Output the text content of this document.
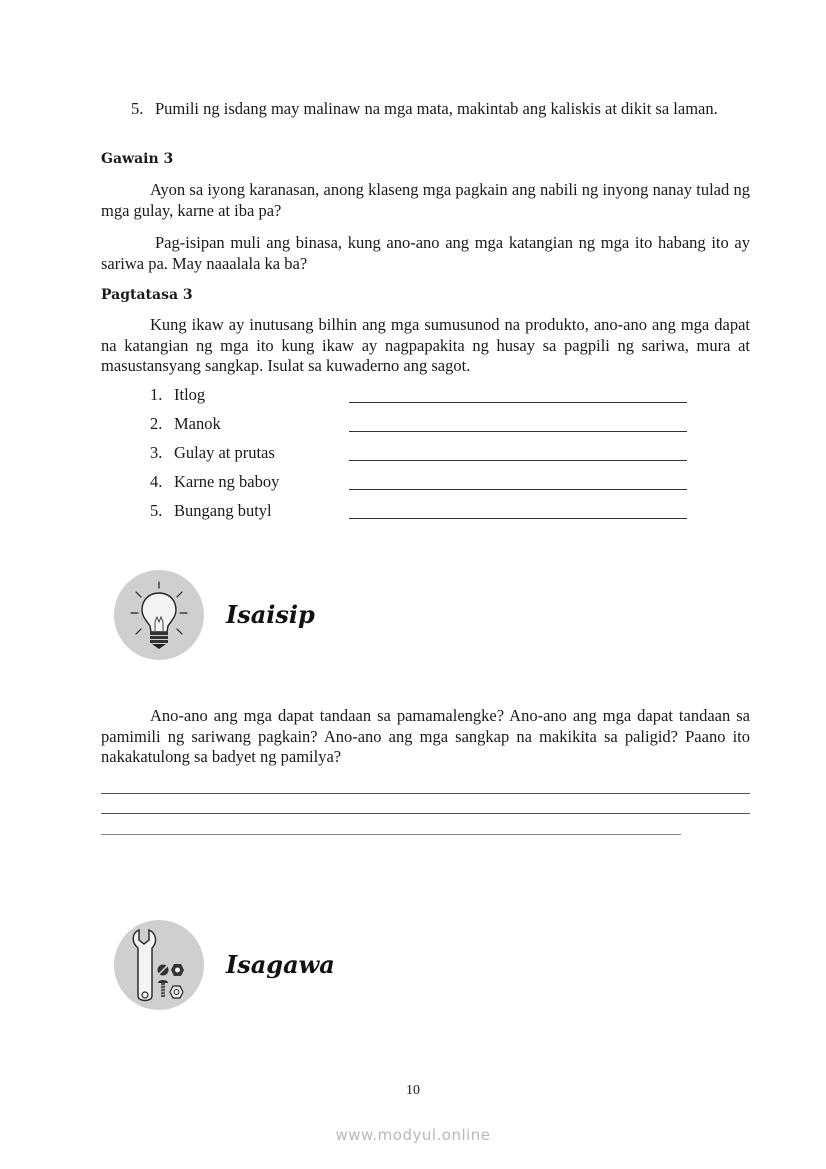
5. Pumili ng isdang may malinaw na mga mata, makintab ang kaliskis at dikit sa laman.
Gawain 3
Ayon sa iyong karanasan, anong klaseng mga pagkain ang nabili ng inyong nanay tulad ng mga gulay, karne at iba pa?
Pag-isipan muli ang binasa, kung ano-ano ang mga katangian ng mga ito habang ito ay sariwa pa. May naaalala ka ba?
Pagtatasa 3
Kung ikaw ay inutusang bilhin ang mga sumusunod na produkto, ano-ano ang mga dapat na katangian ng mga ito kung ikaw ay nagpapakita ng husay sa pagpili ng sariwa, mura at masustansyang sangkap. Isulat sa kuwaderno ang sagot.
1. Itlog
2. Manok
3. Gulay at prutas
4. Karne ng baboy
5. Bungang butyl
Isaisip
Ano-ano ang mga dapat tandaan sa pamamalengke? Ano-ano ang mga dapat tandaan sa pamimili ng sariwang pagkain? Ano-ano ang mga sangkap na makikita sa paligid? Paano ito nakakatulong sa badyet ng pamilya?
Isagawa
10
www.modyul.online
